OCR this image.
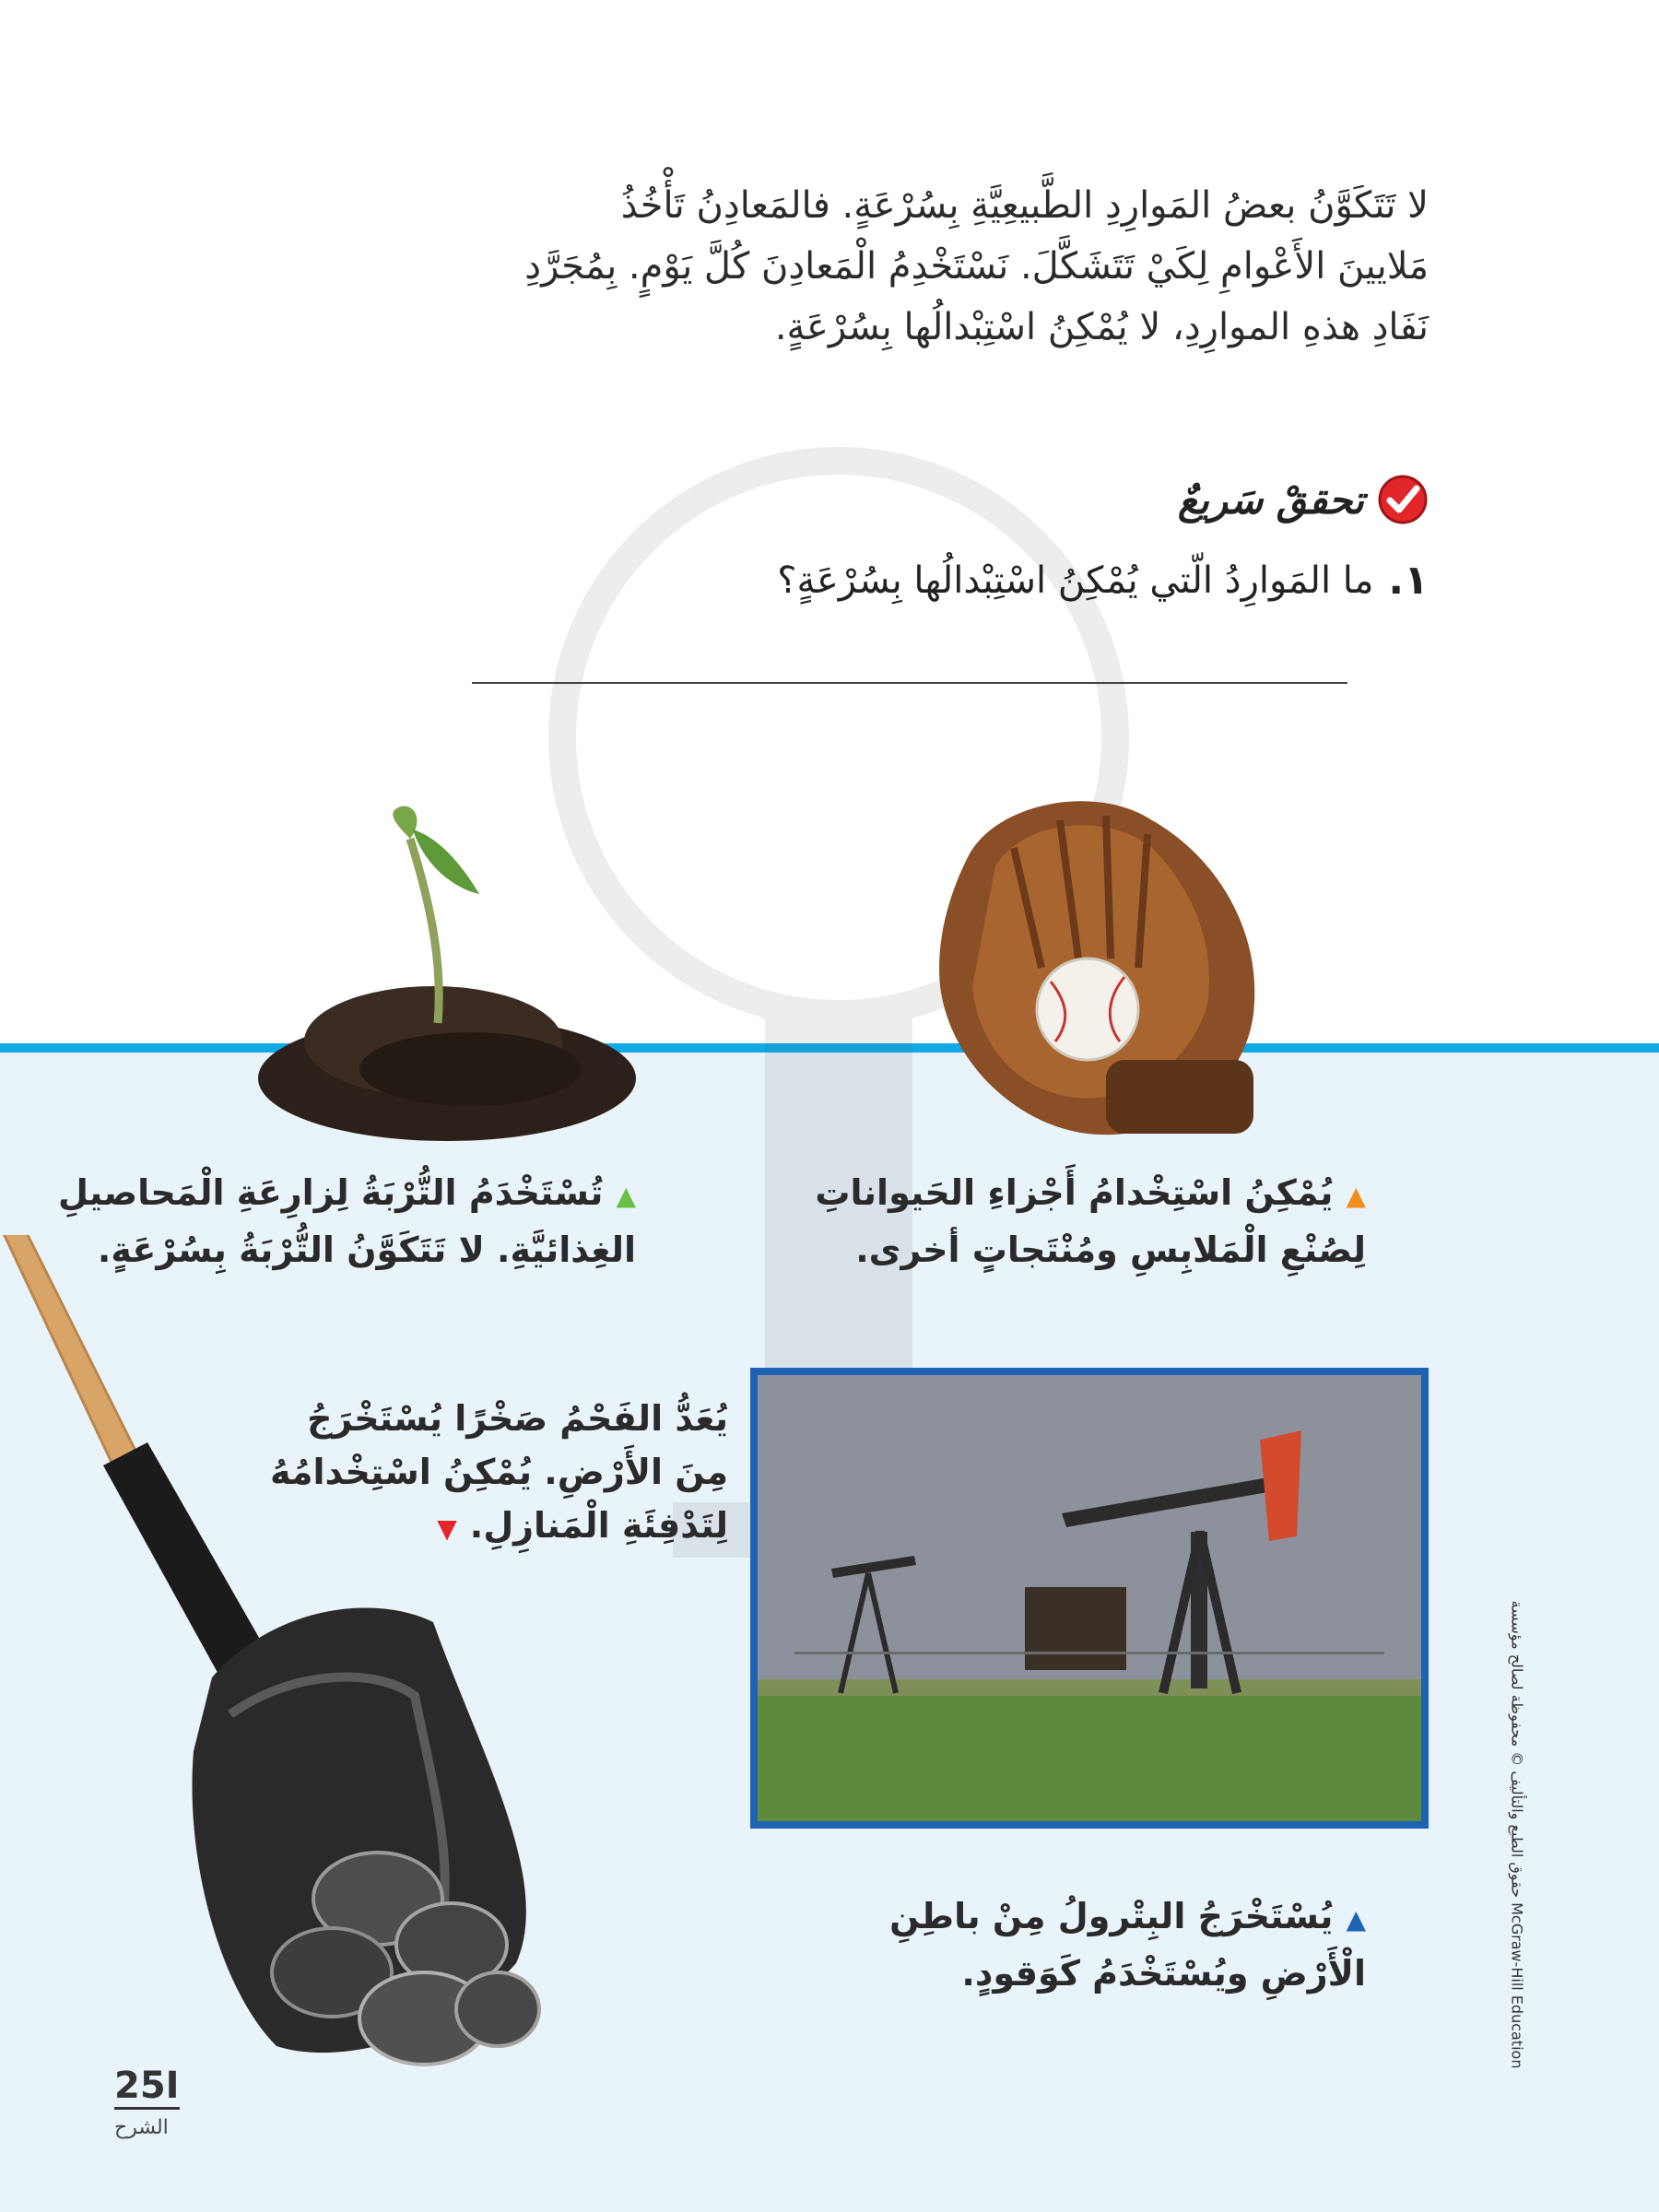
لا تَتَكَوَّنُ بعضُ المَوارِدِ الطَّبيعِيَّةِ بِسُرْعَةٍ. فالمَعادِنُ تَأْخُذُ
مَلايينَ الأَعْوامِ لِكَيْ تَتَشَكَّلَ. نَسْتَخْدِمُ الْمَعادِنَ كُلَّ يَوْمٍ. بِمُجَرَّدِ
نَفَادِ هذهِ الموارِدِ، لا يُمْكِنُ اسْتِبْدالُها بِسُرْعَةٍ.
تحققْ سَريعٌ
١.
ما المَوارِدُ الّتي يُمْكِنُ اسْتِبْدالُها بِسُرْعَةٍ؟
▲يُمْكِنُ اسْتِخْدامُ أَجْزاءِ الحَيواناتِ
لِصُنْعِ الْمَلابِسِ ومُنْتَجاتٍ أخرى.
▲تُسْتَخْدَمُ التُّرْبَةُ لِزارِعَةِ الْمَحاصيلِ
الغِذائيَّةِ. لا تَتَكَوَّنُ التُّرْبَةُ بِسُرْعَةٍ.
يُعَدُّ الفَحْمُ صَخْرًا يُسْتَخْرَجُ
مِنَ الأَرْضِ. يُمْكِنُ اسْتِخْدامُهُ
لِتَدْفِئَةِ الْمَنازِلِ.▼
▲يُسْتَخْرَجُ البِتْرولُ مِنْ باطِنِ
الْأَرْضِ ويُسْتَخْدَمُ كَوَقودٍ.
حقوق الطبع والتأليف © محفوظة لصالح مؤسسة McGraw-Hill Education
25I
الشرح
